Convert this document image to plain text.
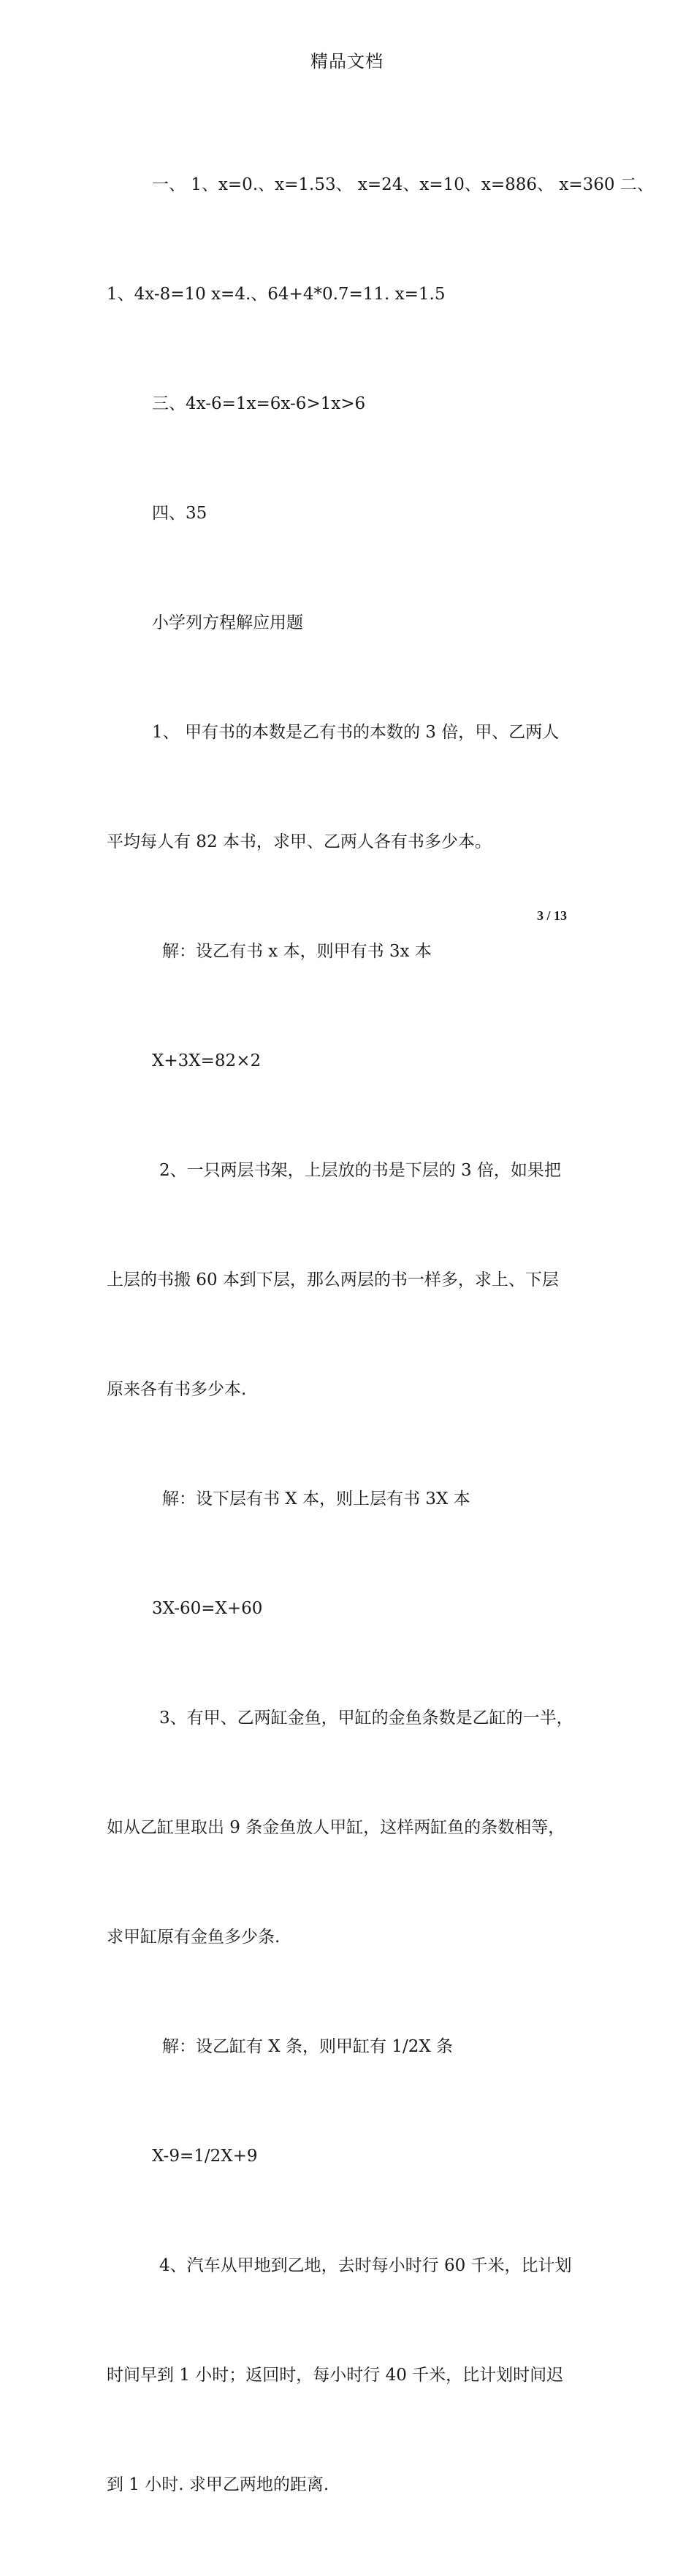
精品文档

一、 1、x=0.、x=1.53、 x=24、x=10、x=886、 x=360 二、

1、4x-8=10 x=4.、64+4*0.7=11. x=1.5

三、4x-6=1x=6x-6>1x>6

四、35

小学列方程解应用题

1、 甲有书的本数是乙有书的本数的 3 倍，甲、乙两人

平均每人有 82 本书，求甲、乙两人各有书多少本。

解：设乙有书 x 本，则甲有书 3x 本

X+3X=82×2

2、一只两层书架，上层放的书是下层的 3 倍，如果把

上层的书搬 60 本到下层，那么两层的书一样多，求上、下层

原来各有书多少本.

解：设下层有书 X 本，则上层有书 3X 本

3X-60=X+60

3、有甲、乙两缸金鱼，甲缸的金鱼条数是乙缸的一半，

如从乙缸里取出 9 条金鱼放人甲缸，这样两缸鱼的条数相等，

求甲缸原有金鱼多少条.

解：设乙缸有 X 条，则甲缸有 1/2X 条

X-9=1/2X+9

4、汽车从甲地到乙地，去时每小时行 60 千米，比计划

时间早到 1 小时；返回时，每小时行 40 千米，比计划时间迟

到 1 小时. 求甲乙两地的距离.

3 / 13
